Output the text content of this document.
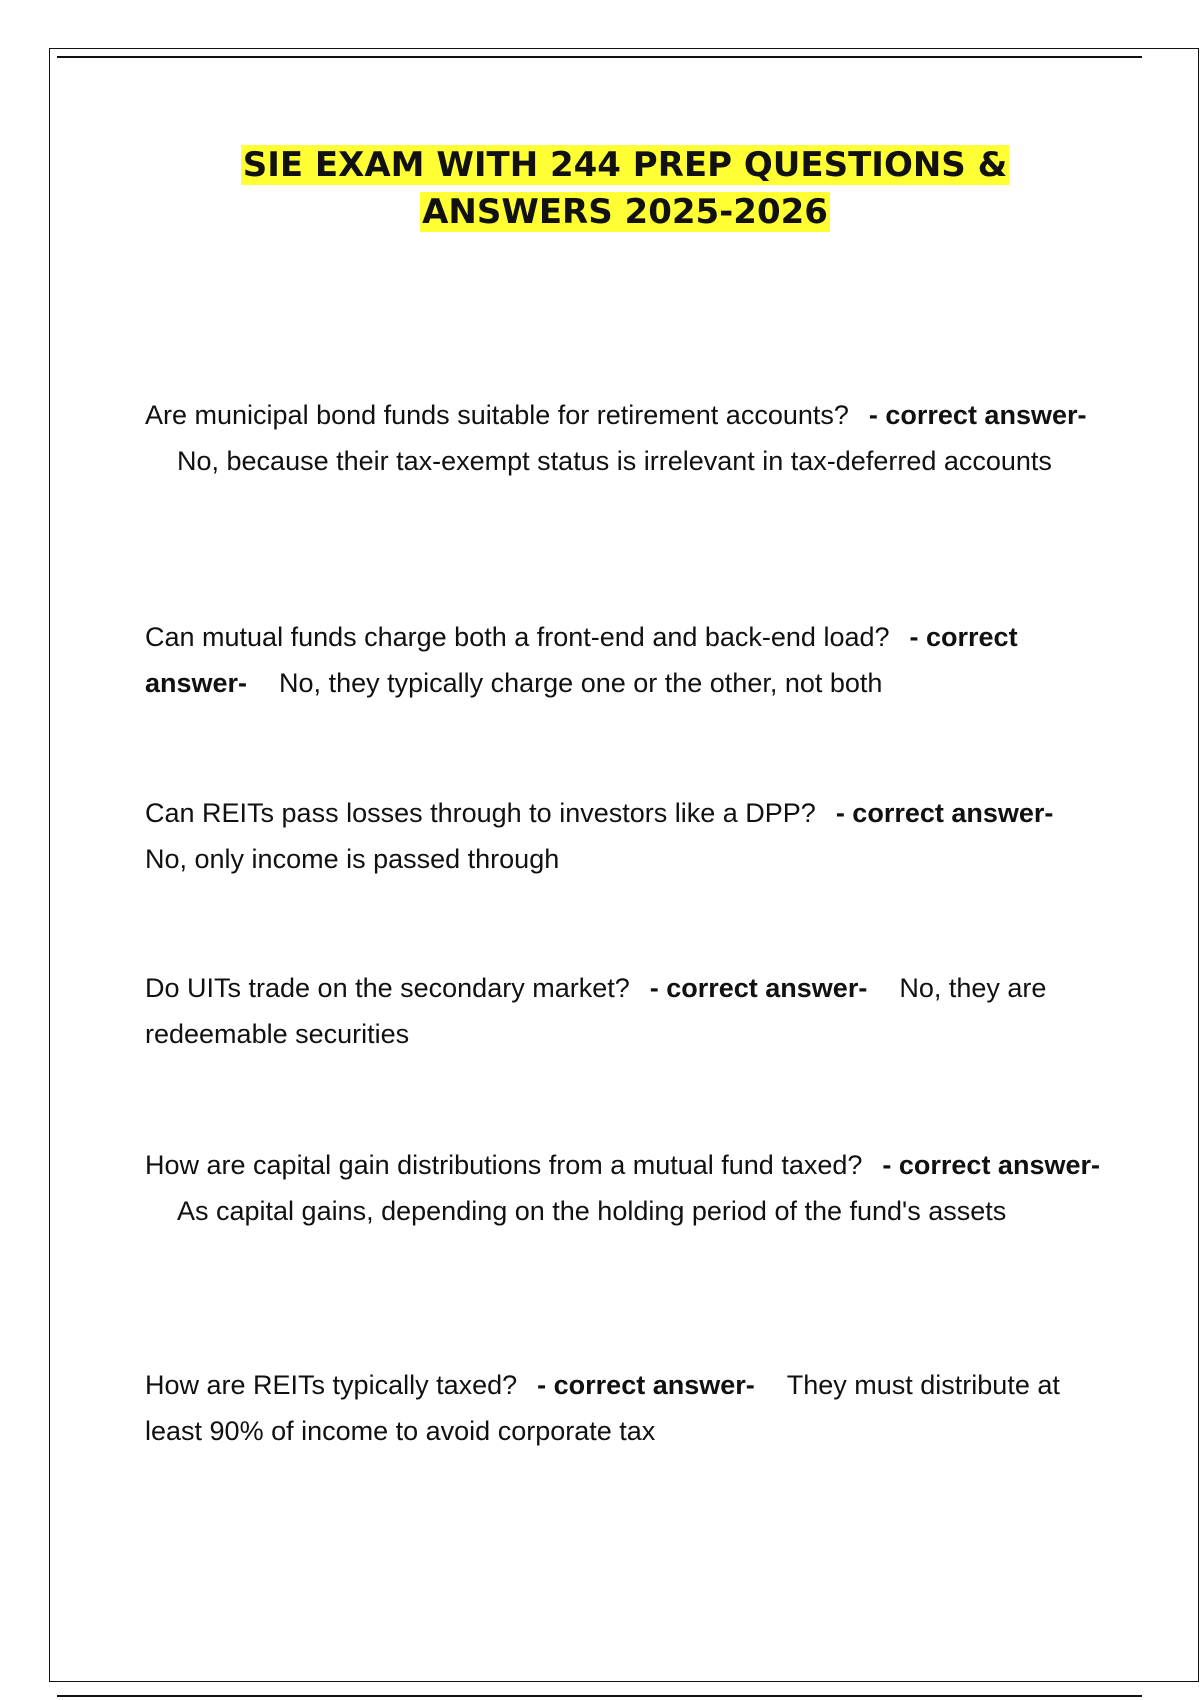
SIE EXAM WITH 244 PREP QUESTIONS &
ANSWERS 2025-2026
Are municipal bond funds suitable for retirement accounts? - correct answer-No, because their tax-exempt status is irrelevant in tax-deferred accounts
Can mutual funds charge both a front-end and back-end load? - correct answer- No, they typically charge one or the other, not both
Can REITs pass losses through to investors like a DPP? - correct answer-No, only income is passed through
Do UITs trade on the secondary market? - correct answer- No, they are redeemable securities
How are capital gain distributions from a mutual fund taxed? - correct answer-As capital gains, depending on the holding period of the fund's assets
How are REITs typically taxed? - correct answer- They must distribute at least 90% of income to avoid corporate tax
